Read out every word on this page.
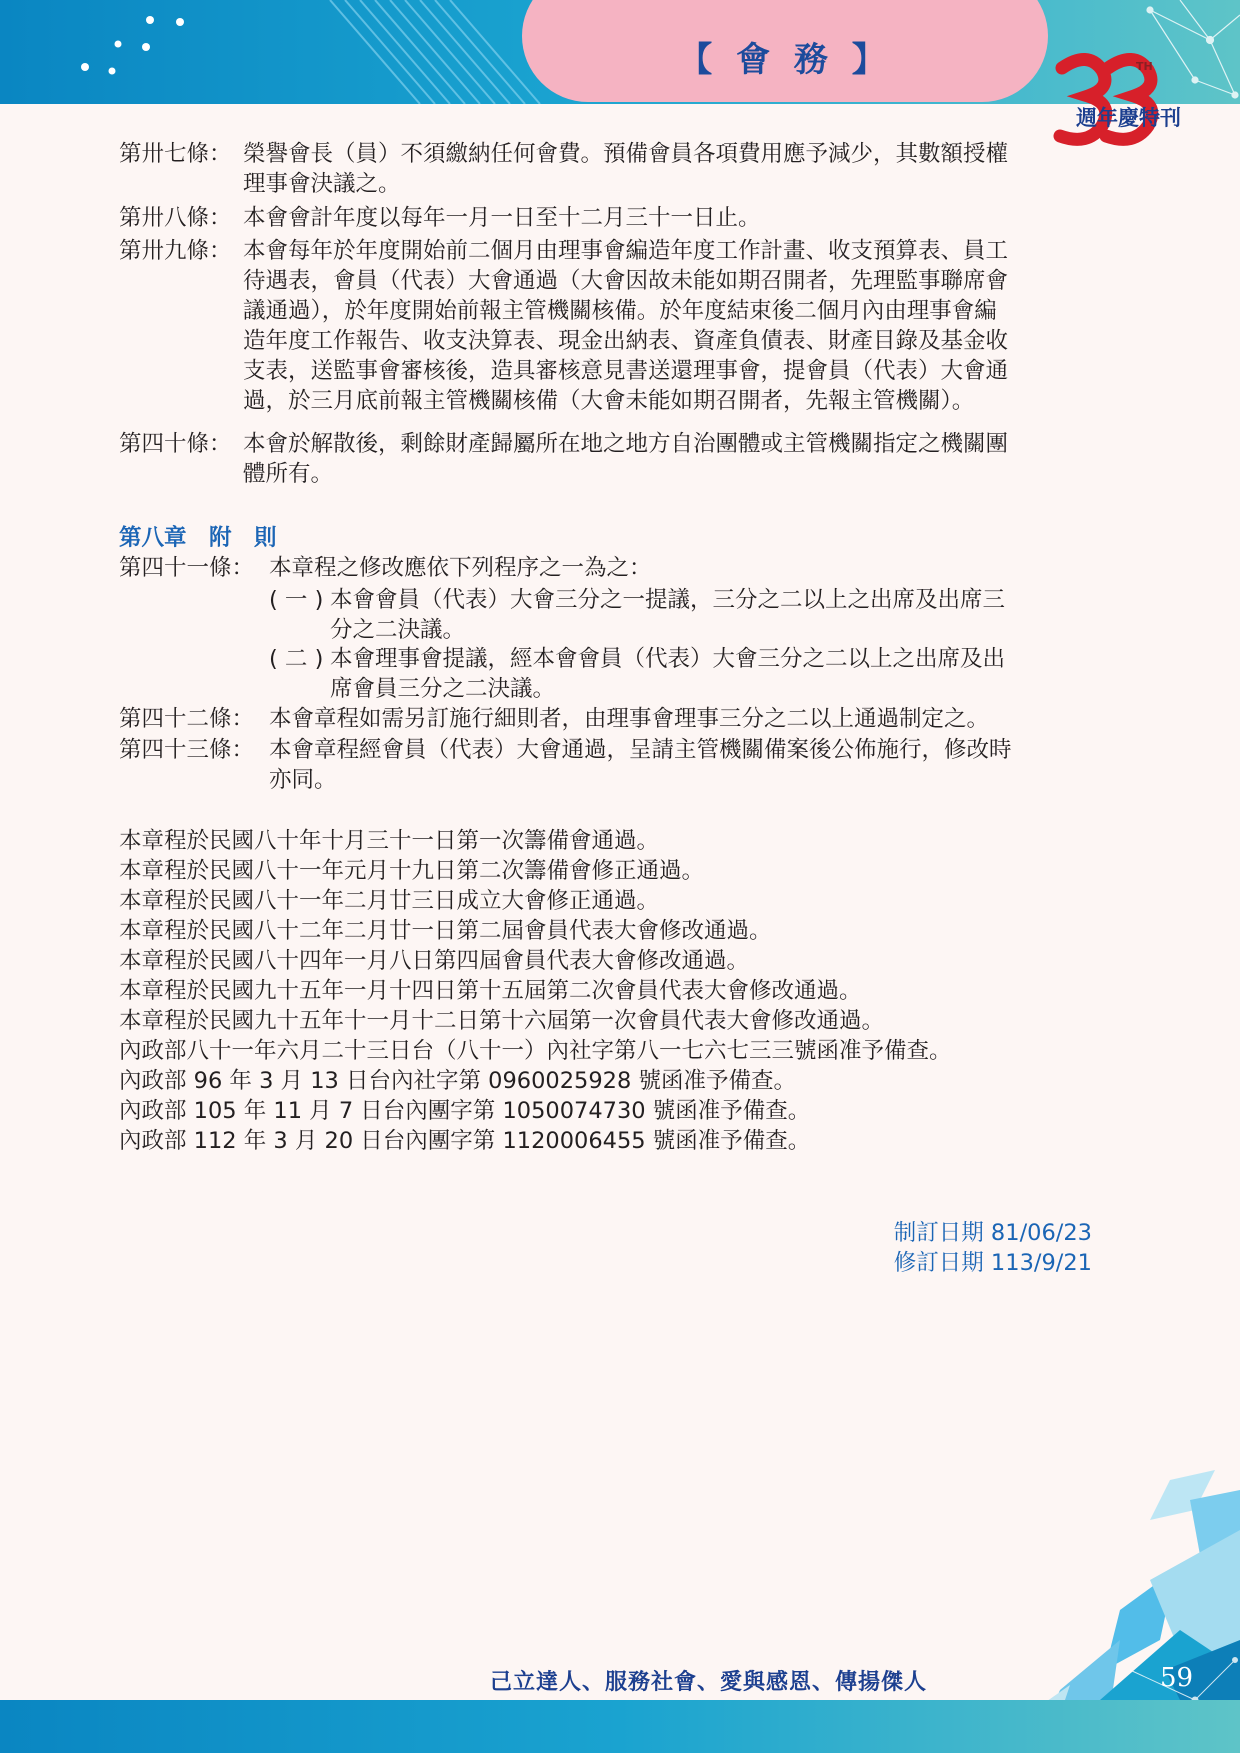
【 會 務 】	TH
週年慶特刊
第卅七條： 榮譽會長（員）不須繳納任何會費。預備會員各項費用應予減少，其數額授權
理事會決議之。
第卅八條： 本會會計年度以每年一月一日至十二月三十一日止。
第卅九條： 本會每年於年度開始前二個月由理事會編造年度工作計畫、收支預算表、員工
待遇表，會員（代表）大會通過（大會因故未能如期召開者，先理監事聯席會
議通過），於年度開始前報主管機關核備。於年度結束後二個月內由理事會編
造年度工作報告、收支決算表、現金出納表、資產負債表、財產目錄及基金收
支表，送監事會審核後，造具審核意見書送還理事會，提會員（代表）大會通
過，於三月底前報主管機關核備（大會未能如期召開者，先報主管機關）。
第四十條： 本會於解散後，剩餘財產歸屬所在地之地方自治團體或主管機關指定之機關團
體所有。
第八章　附　則
第四十一條： 本章程之修改應依下列程序之一為之：
( 一 ) 本會會員（代表）大會三分之一提議，三分之二以上之出席及出席三
分之二決議。
( 二 ) 本會理事會提議，經本會會員（代表）大會三分之二以上之出席及出
席會員三分之二決議。
第四十二條： 本會章程如需另訂施行細則者，由理事會理事三分之二以上通過制定之。
第四十三條： 本會章程經會員（代表）大會通過，呈請主管機關備案後公佈施行，修改時
亦同。
本章程於民國八十年十月三十一日第一次籌備會通過。
本章程於民國八十一年元月十九日第二次籌備會修正通過。
本章程於民國八十一年二月廿三日成立大會修正通過。
本章程於民國八十二年二月廿一日第二屆會員代表大會修改通過。
本章程於民國八十四年一月八日第四屆會員代表大會修改通過。
本章程於民國九十五年一月十四日第十五屆第二次會員代表大會修改通過。
本章程於民國九十五年十一月十二日第十六屆第一次會員代表大會修改通過。
內政部八十一年六月二十三日台（八十一）內社字第八一七六七三三號函准予備查。
內政部 96 年 3 月 13 日台內社字第 0960025928 號函准予備查。
內政部 105 年 11 月 7 日台內團字第 1050074730 號函准予備查。
內政部 112 年 3 月 20 日台內團字第 1120006455 號函准予備查。
制訂日期 81/06/23
修訂日期 113/9/21
己立達人、服務社會、愛與感恩、傳揚傑人	59
